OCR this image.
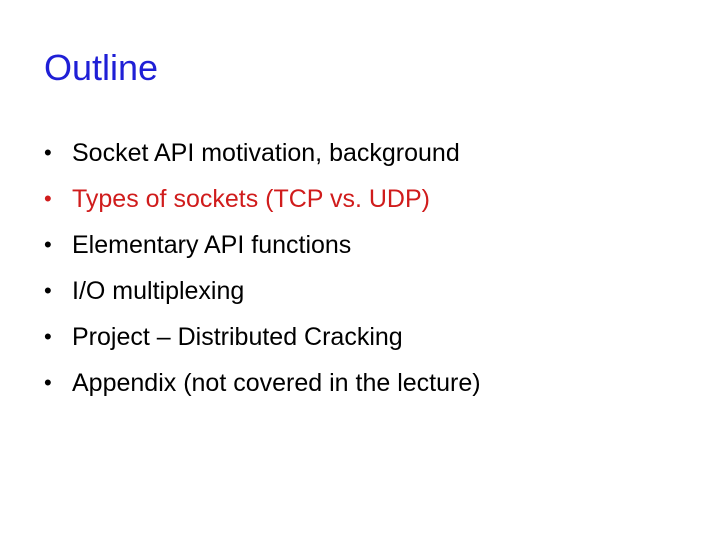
Outline
• Socket API motivation, background
• Types of sockets (TCP vs. UDP)
• Elementary API functions
• I/O multiplexing
• Project – Distributed Cracking
• Appendix (not covered in the lecture)
